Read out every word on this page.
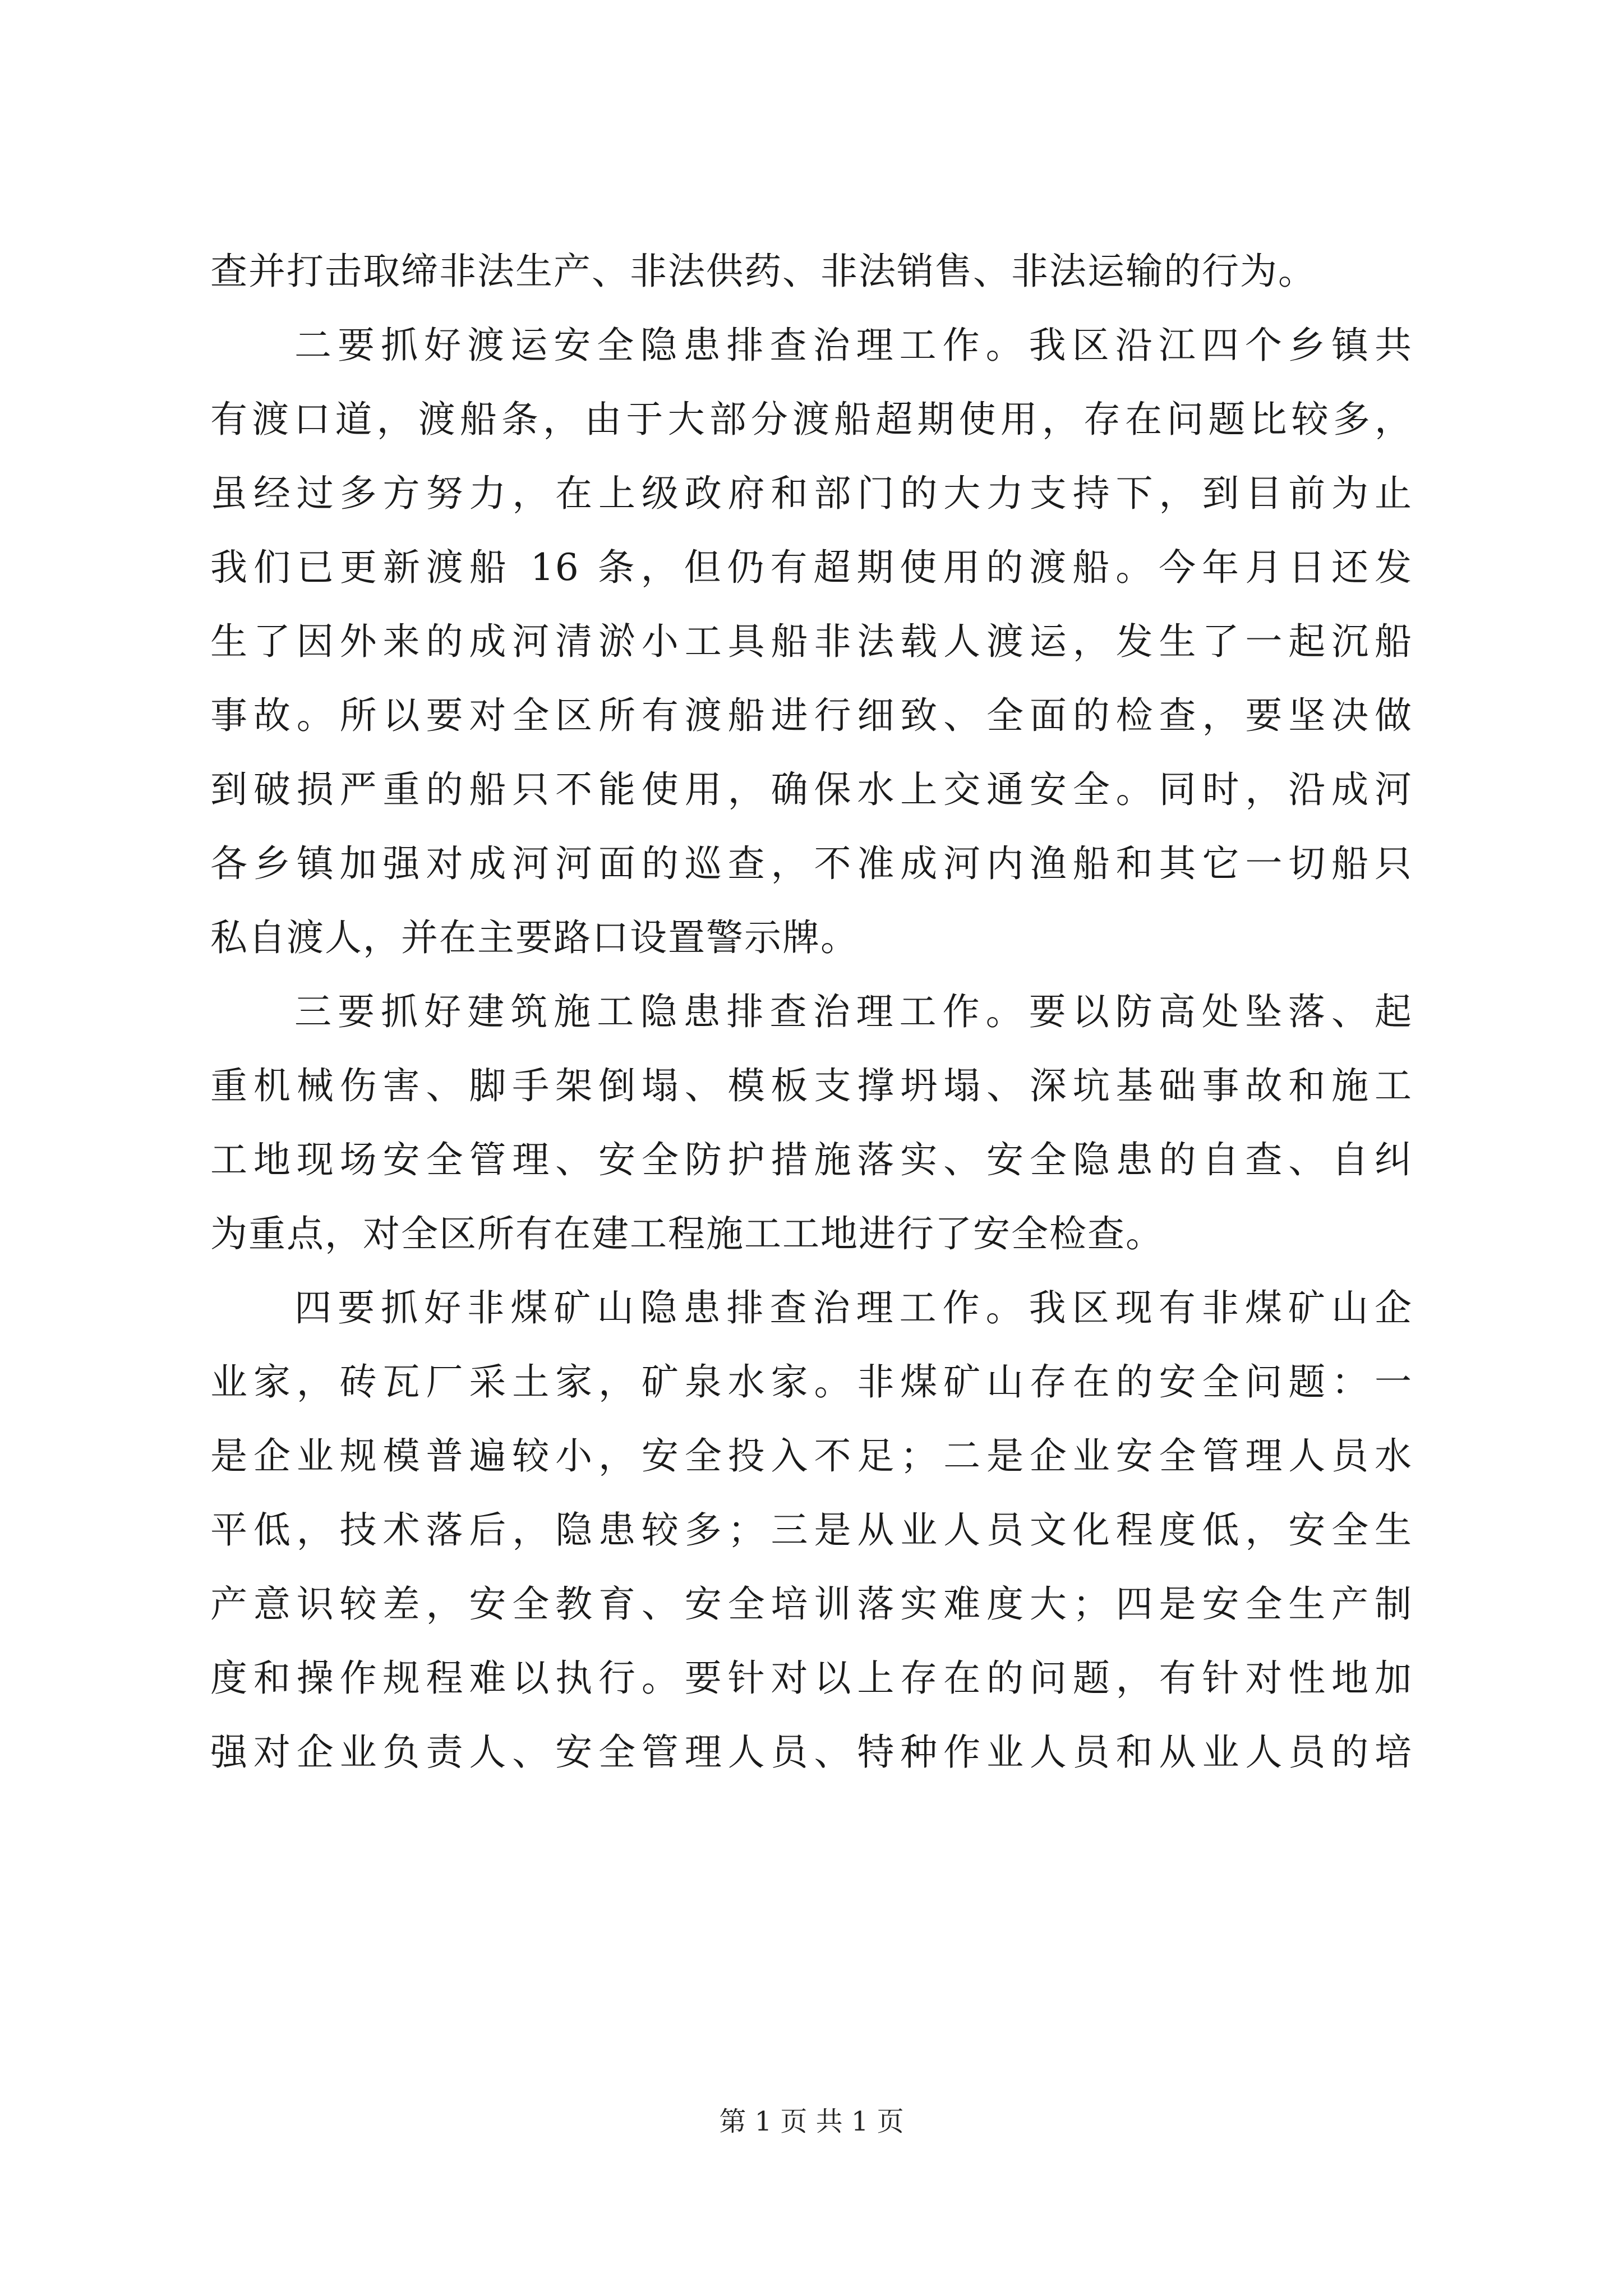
查并打击取缔非法生产、非法供药、非法销售、非法运输的行为。
二要抓好渡运安全隐患排查治理工作。我区沿江四个乡镇共
有渡口道，渡船条，由于大部分渡船超期使用，存在问题比较多，
虽经过多方努力，在上级政府和部门的大力支持下，到目前为止
我们已更新渡船 16 条，但仍有超期使用的渡船。今年月日还发
生了因外来的成河清淤小工具船非法载人渡运，发生了一起沉船
事故。所以要对全区所有渡船进行细致、全面的检查，要坚决做
到破损严重的船只不能使用，确保水上交通安全。同时，沿成河
各乡镇加强对成河河面的巡查，不准成河内渔船和其它一切船只
私自渡人，并在主要路口设置警示牌。
三要抓好建筑施工隐患排查治理工作。要以防高处坠落、起
重机械伤害、脚手架倒塌、模板支撑坍塌、深坑基础事故和施工
工地现场安全管理、安全防护措施落实、安全隐患的自查、自纠
为重点，对全区所有在建工程施工工地进行了安全检查。
四要抓好非煤矿山隐患排查治理工作。我区现有非煤矿山企
业家，砖瓦厂采土家，矿泉水家。非煤矿山存在的安全问题：一
是企业规模普遍较小，安全投入不足；二是企业安全管理人员水
平低，技术落后，隐患较多；三是从业人员文化程度低，安全生
产意识较差，安全教育、安全培训落实难度大；四是安全生产制
度和操作规程难以执行。要针对以上存在的问题，有针对性地加
强对企业负责人、安全管理人员、特种作业人员和从业人员的培
第 1 页 共 1 页
